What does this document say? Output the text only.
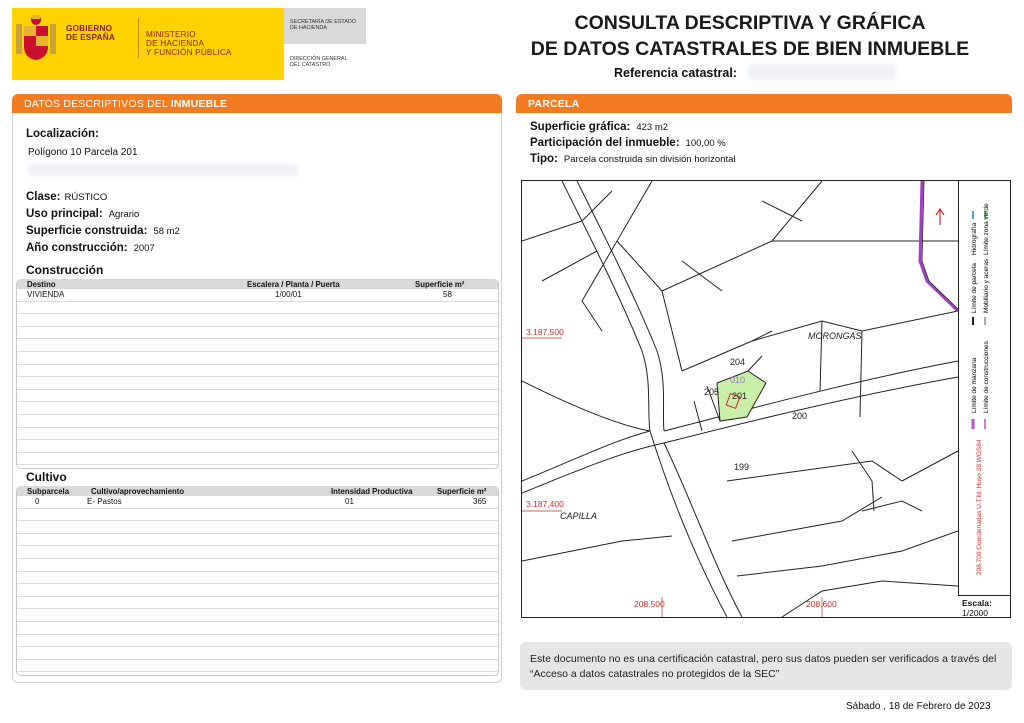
GOBIERNO
DE ESPAÑA	MINISTERIO
DE HACIENDA
Y FUNCIÓN PÚBLICA
SECRETARÍA DE ESTADO
DE HACIENDA
DIRECCIÓN GENERAL
DEL CATASTRO
CONSULTA DESCRIPTIVA Y GRÁFICA
DE DATOS CATASTRALES DE BIEN INMUEBLE
Referencia catastral:
DATOS DESCRIPTIVOS DEL INMUEBLE
Localización:
Polígono 10 Parcela 201
Clase: RÚSTICO
Uso principal: Agrario
Superficie construida: 58 m2
Año construcción: 2007
Construcción
Destino	Escalera / Planta / Puerta	Superficie m²
VIVIENDA	1/00/01	58
Cultivo
Subparcela	Cultivo/aprovechamiento	Intensidad Productiva	Superficie m²
0	E- Pastos	01	365
PARCELA
Superficie gráfica: 423 m2
Participación del inmueble: 100,00 %
Tipo: Parcela construida sin división horizontal
3.187.500
3.187.400
208.500	208.600
MORONGAS
CAPILLA
204
205 201
200
199
010
Hidrografía Límite zona verde
Límite de parcela Mobiliario y aceras
Límite de manzana Límite de construcciones
208,700 Coordenadas U.T.M. Huso 28 WGS84
Escala:
1/2000
Este documento no es una certificación catastral, pero sus datos pueden ser verificados a través del “Acceso a datos catastrales no protegidos de la SEC”
Sábado , 18 de Febrero de 2023
